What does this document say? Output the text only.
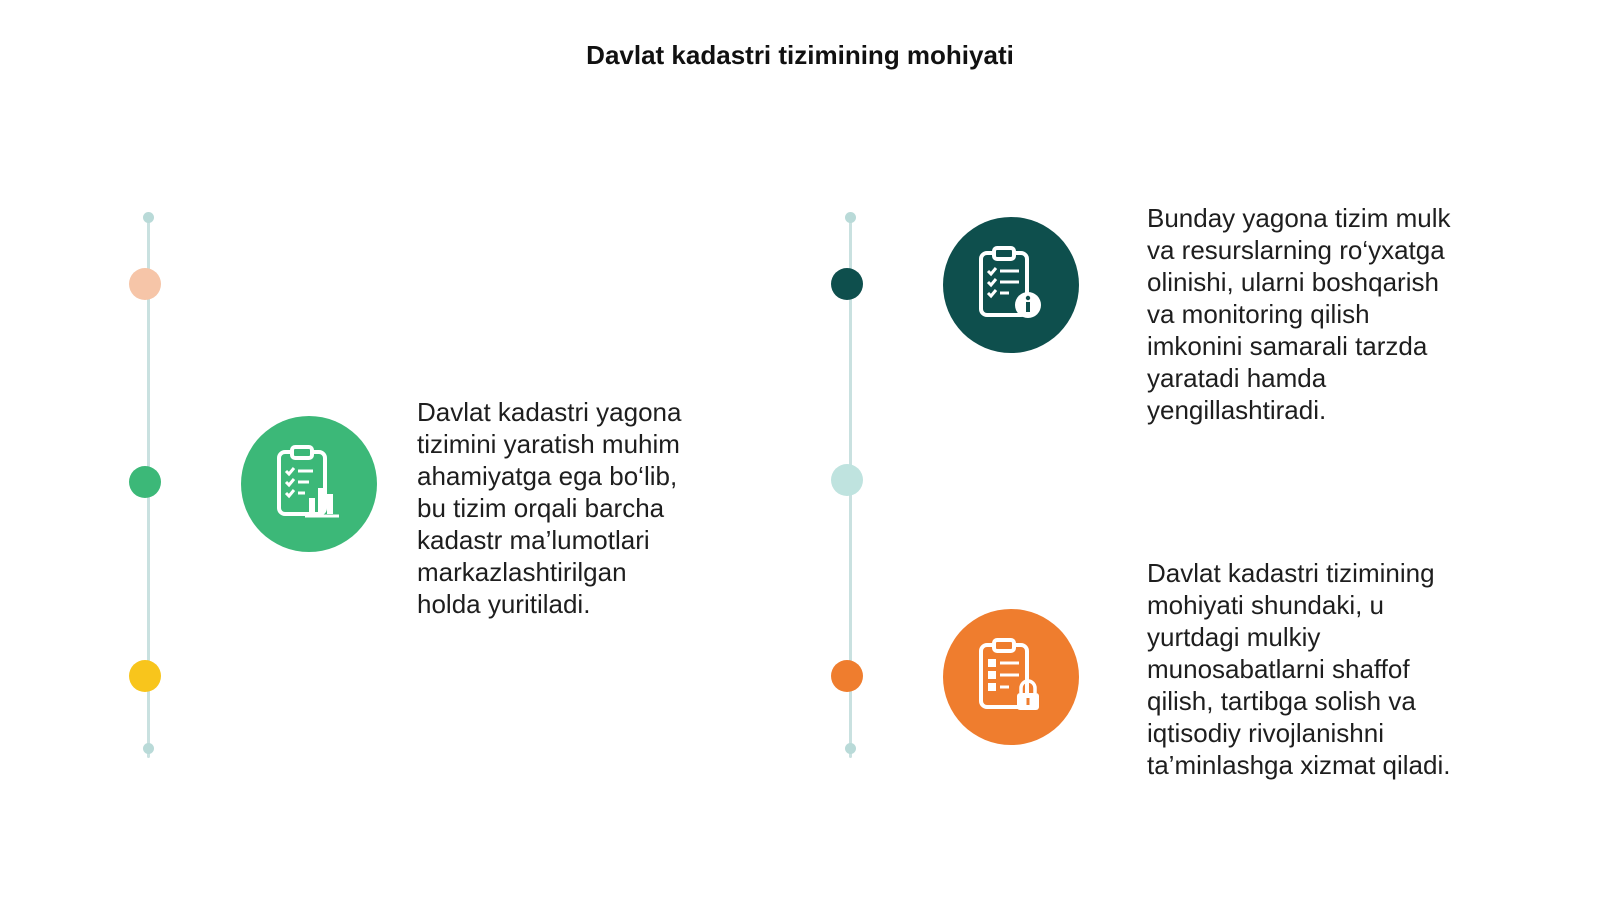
Davlat kadastri tizimining mohiyati
Davlat kadastri yagona
tizimini yaratish muhim
ahamiyatga ega bo‘lib,
bu tizim orqali barcha
kadastr ma’lumotlari
markazlashtirilgan
holda yuritiladi.
Bunday yagona tizim mulk
va resurslarning ro‘yxatga
olinishi, ularni boshqarish
va monitoring qilish
imkonini samarali tarzda
yaratadi hamda
yengillashtiradi.
Davlat kadastri tizimining
mohiyati shundaki, u
yurtdagi mulkiy
munosabatlarni shaffof
qilish, tartibga solish va
iqtisodiy rivojlanishni
ta’minlashga xizmat qiladi.
